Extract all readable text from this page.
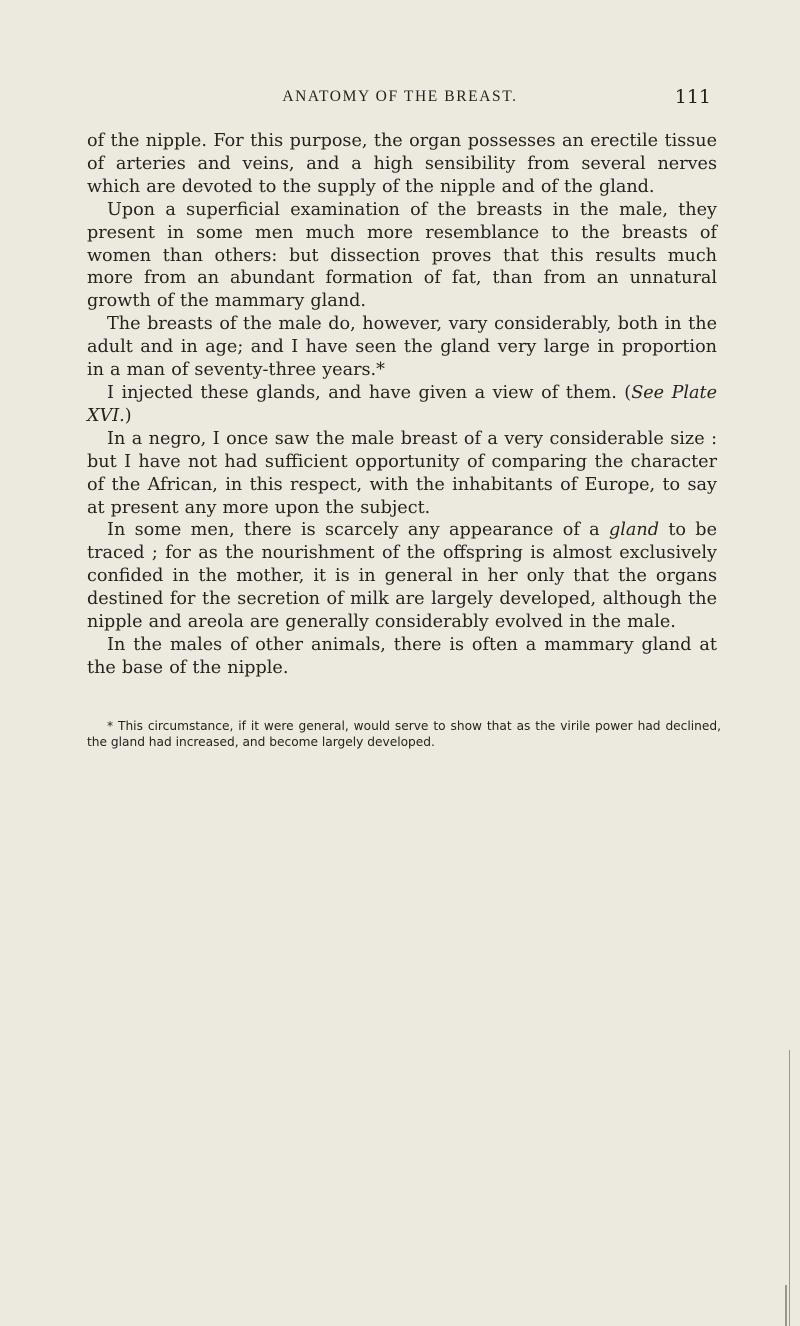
ANATOMY OF THE BREAST.	111

of the nipple. For this purpose, the organ possesses an erectile tissue of arteries and veins, and a high sensibility from several nerves which are devoted to the supply of the nipple and of the gland.

Upon a superficial examination of the breasts in the male, they present in some men much more resemblance to the breasts of women than others: but dissection proves that this results much more from an abundant formation of fat, than from an unnatural growth of the mammary gland.

The breasts of the male do, however, vary considerably, both in the adult and in age; and I have seen the gland very large in proportion in a man of seventy-three years.*

I injected these glands, and have given a view of them. (See Plate XVI.)

In a negro, I once saw the male breast of a very considerable size : but I have not had sufficient opportunity of comparing the character of the African, in this respect, with the inhabitants of Europe, to say at present any more upon the subject.

In some men, there is scarcely any appearance of a gland to be traced ; for as the nourishment of the offspring is almost exclusively confided in the mother, it is in general in her only that the organs destined for the secretion of milk are largely developed, although the nipple and areola are generally considerably evolved in the male.

In the males of other animals, there is often a mammary gland at the base of the nipple.

* This circumstance, if it were general, would serve to show that as the virile power had declined, the gland had increased, and become largely developed.
